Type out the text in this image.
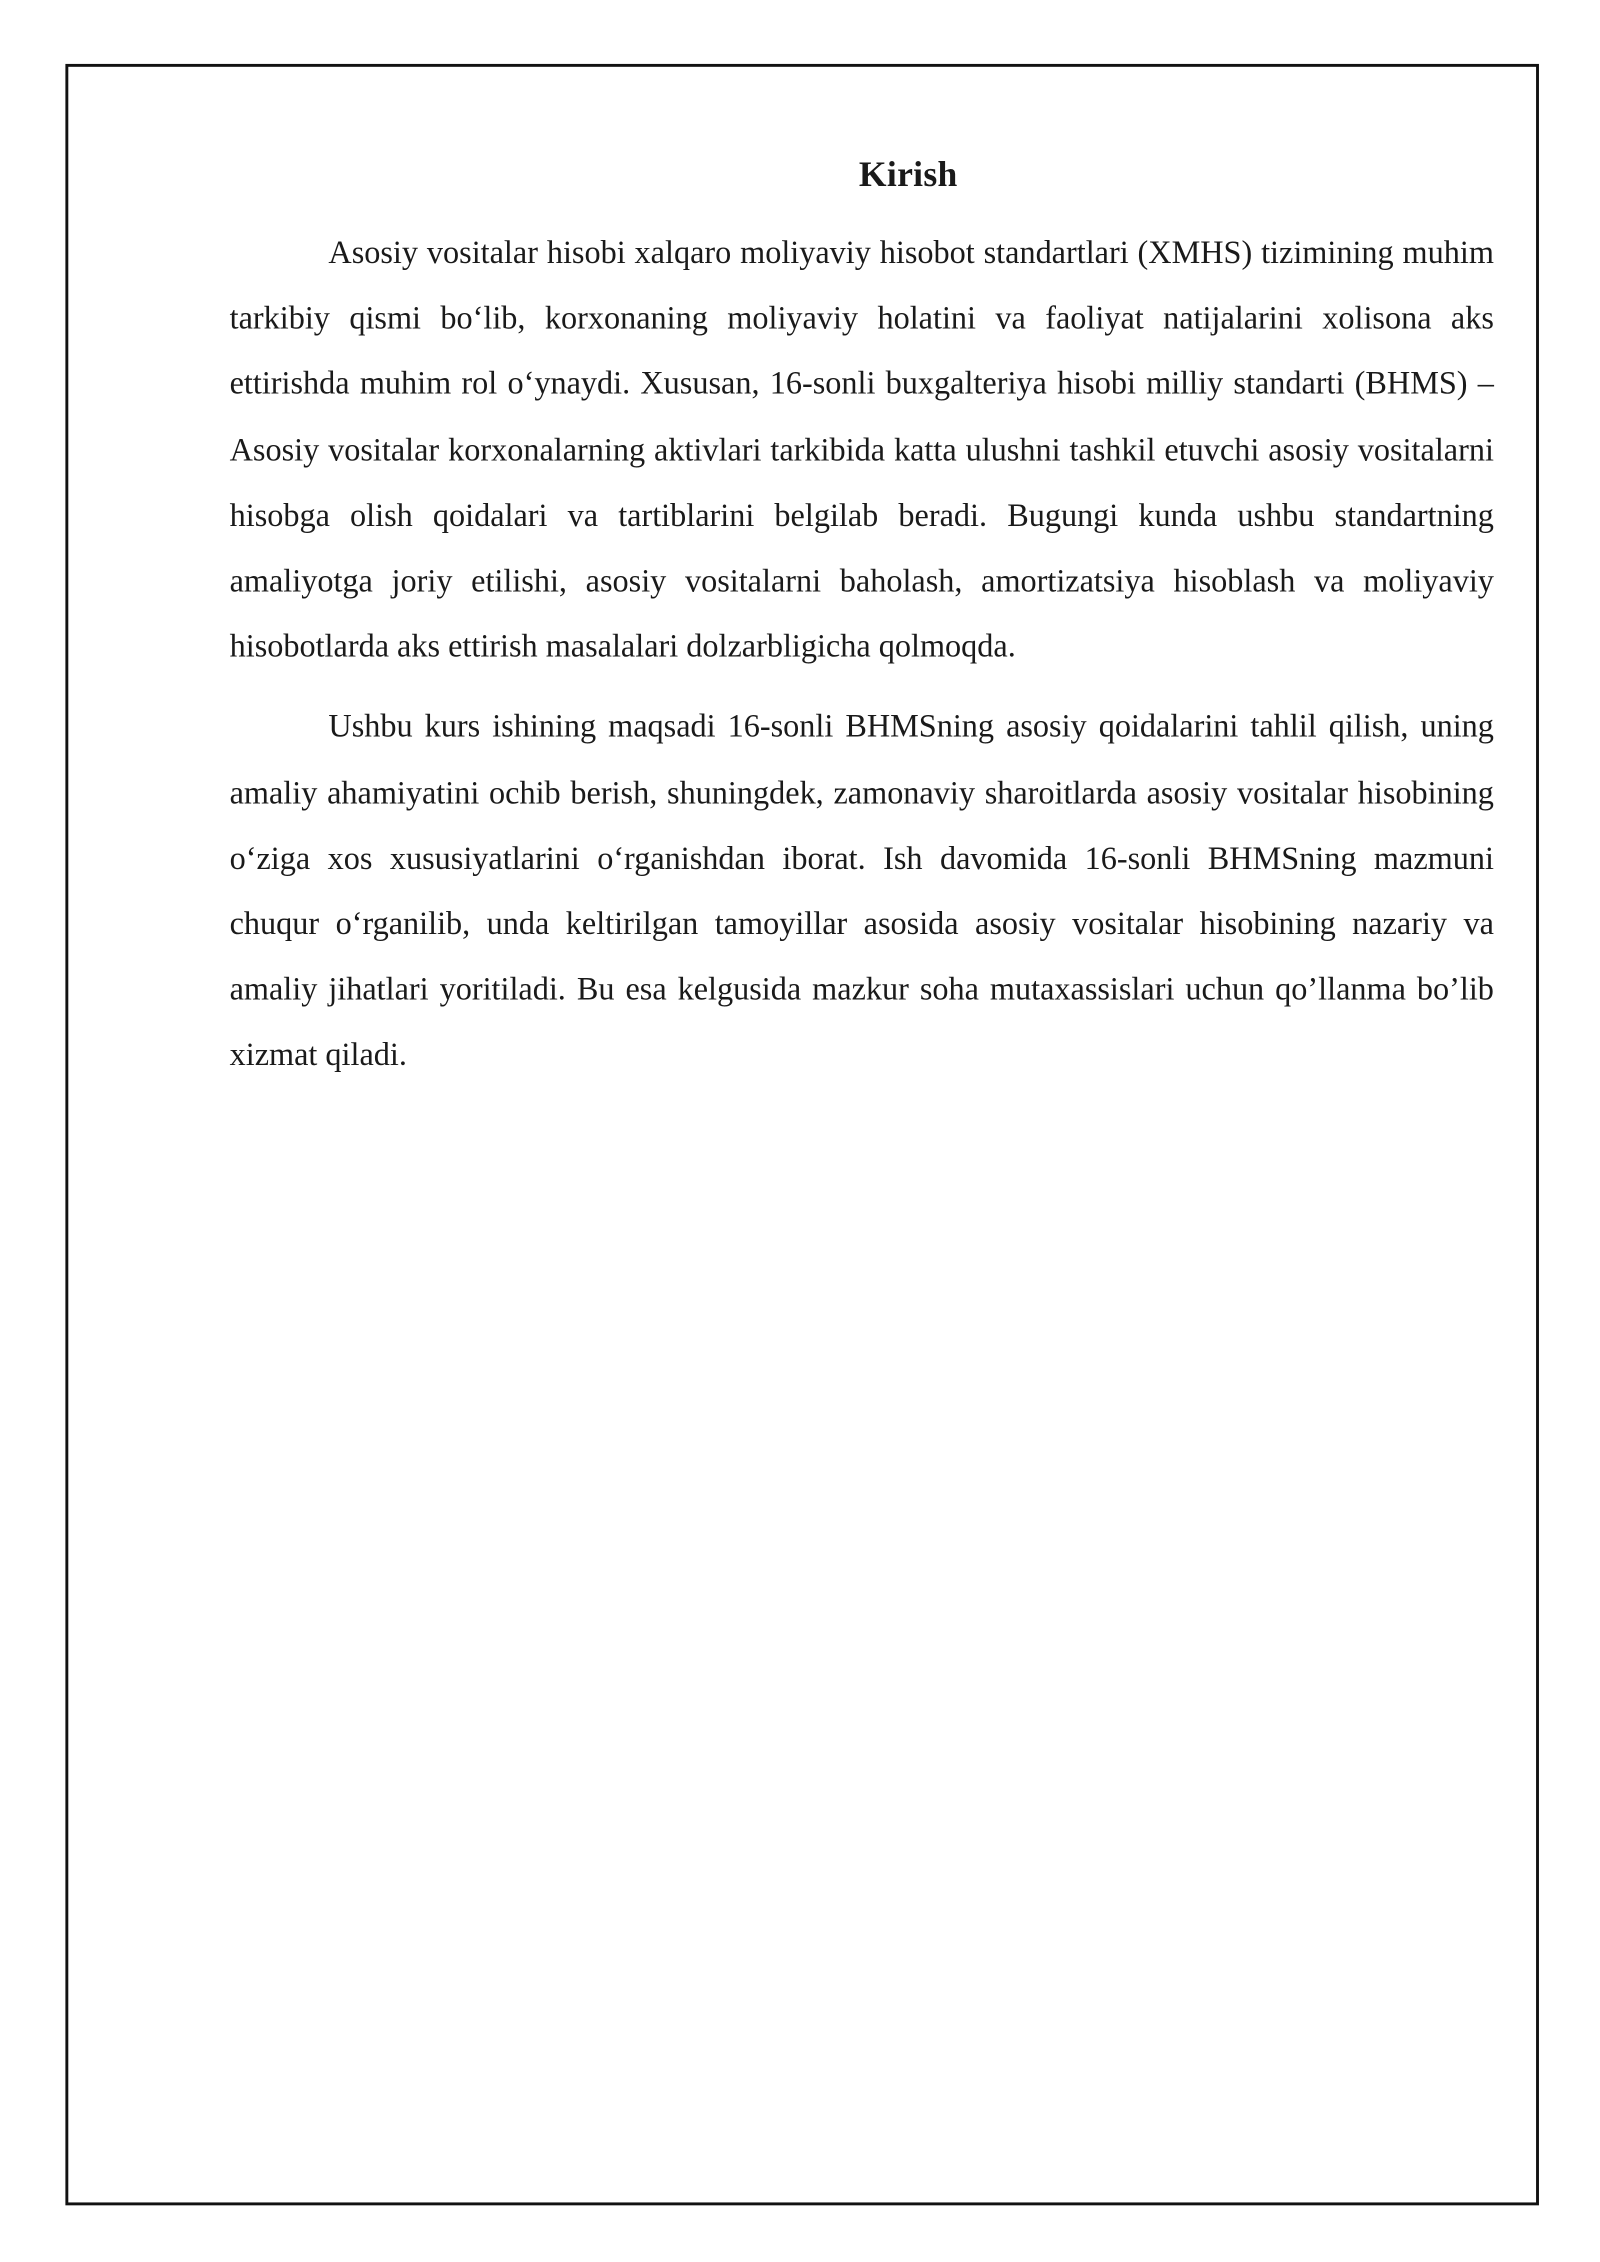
Kirish

Asosiy vositalar hisobi xalqaro moliyaviy hisobot standartlari (XMHS) tizimining muhim tarkibiy qismi bo‘lib, korxonaning moliyaviy holatini va faoliyat natijalarini xolisona aks ettirishda muhim rol o‘ynaydi. Xususan, 16-sonli buxgalteriya hisobi milliy standarti (BHMS) – Asosiy vositalar korxonalarning aktivlari tarkibida katta ulushni tashkil etuvchi asosiy vositalarni hisobga olish qoidalari va tartiblarini belgilab beradi. Bugungi kunda ushbu standartning amaliyotga joriy etilishi, asosiy vositalarni baholash, amortizatsiya hisoblash va moliyaviy hisobotlarda aks ettirish masalalari dolzarbligicha qolmoqda.

Ushbu kurs ishining maqsadi 16-sonli BHMSning asosiy qoidalarini tahlil qilish, uning amaliy ahamiyatini ochib berish, shuningdek, zamonaviy sharoitlarda asosiy vositalar hisobining o‘ziga xos xususiyatlarini o‘rganishdan iborat. Ish davomida 16-sonli BHMSning mazmuni chuqur o‘rganilib, unda keltirilgan tamoyillar asosida asosiy vositalar hisobining nazariy va amaliy jihatlari yoritiladi. Bu esa kelgusida mazkur soha mutaxassislari uchun qo’llanma bo’lib xizmat qiladi.
